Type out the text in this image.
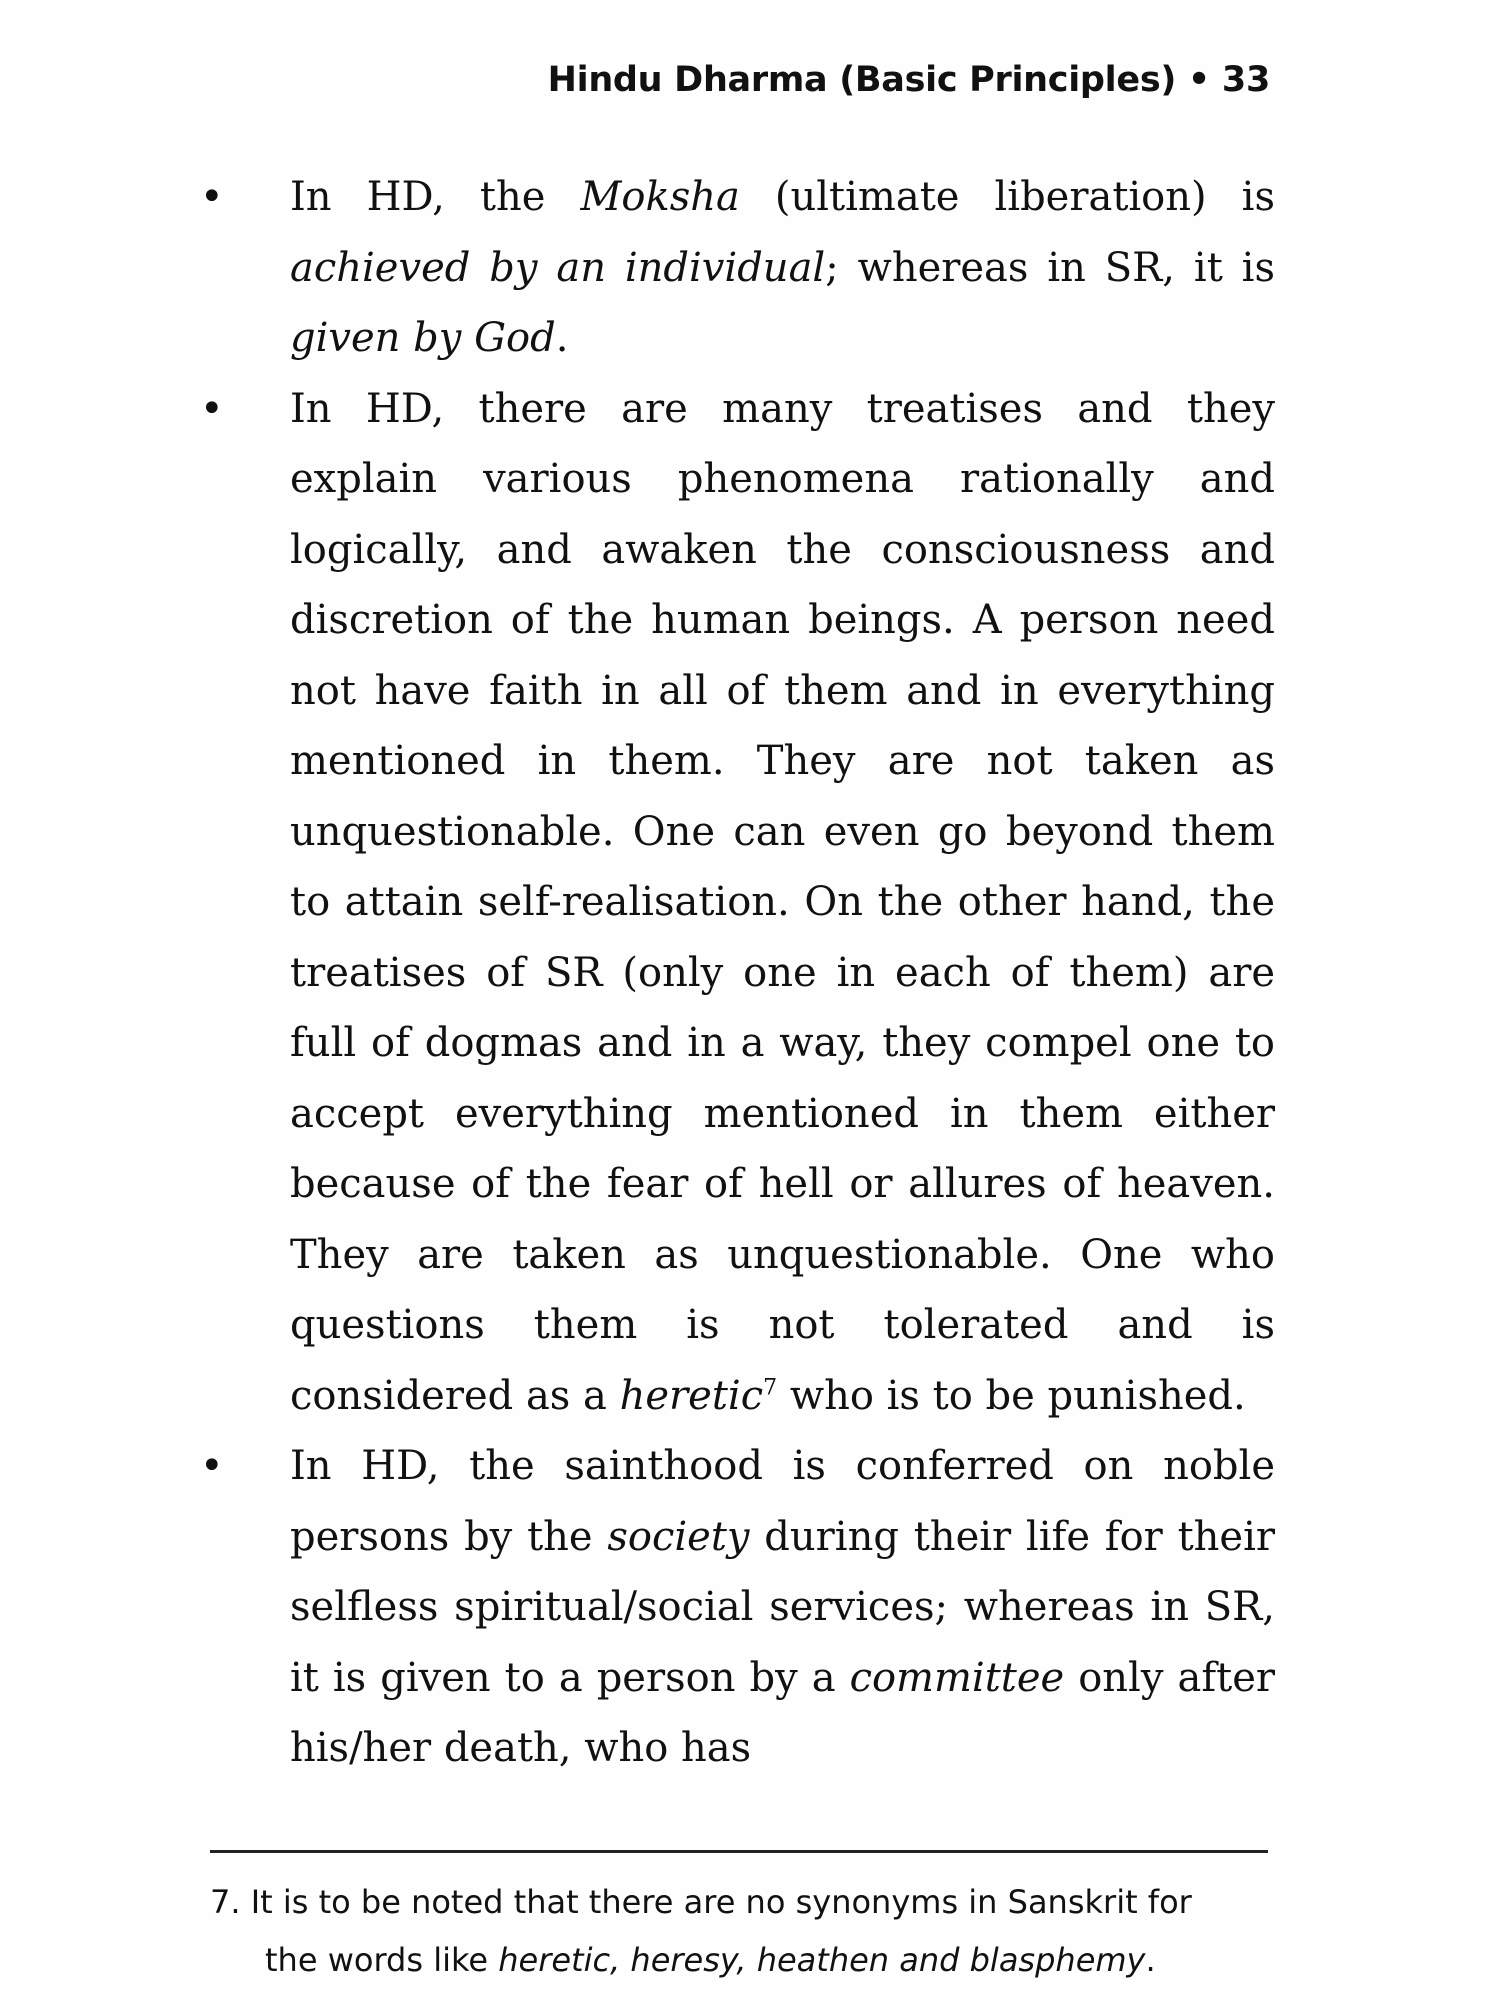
Hindu Dharma (Basic Principles) • 33
• In HD, the Moksha (ultimate liberation) is achieved by an individual; whereas in SR, it is given by God.
• In HD, there are many treatises and they explain various phenomena rationally and logically, and awaken the consciousness and discretion of the human beings. A person need not have faith in all of them and in everything mentioned in them. They are not taken as unquestionable. One can even go beyond them to attain self-realisation. On the other hand, the treatises of SR (only one in each of them) are full of dogmas and in a way, they compel one to accept everything mentioned in them either because of the fear of hell or allures of heaven. They are taken as unquestionable. One who questions them is not tolerated and is considered as a heretic$^7$ who is to be punished.
• In HD, the sainthood is conferred on noble persons by the society during their life for their selfless spiritual/social services; whereas in SR, it is given to a person by a committee only after his/her death, who has
7. It is to be noted that there are no synonyms in Sanskrit for
the words like heretic, heresy, heathen and blasphemy.
